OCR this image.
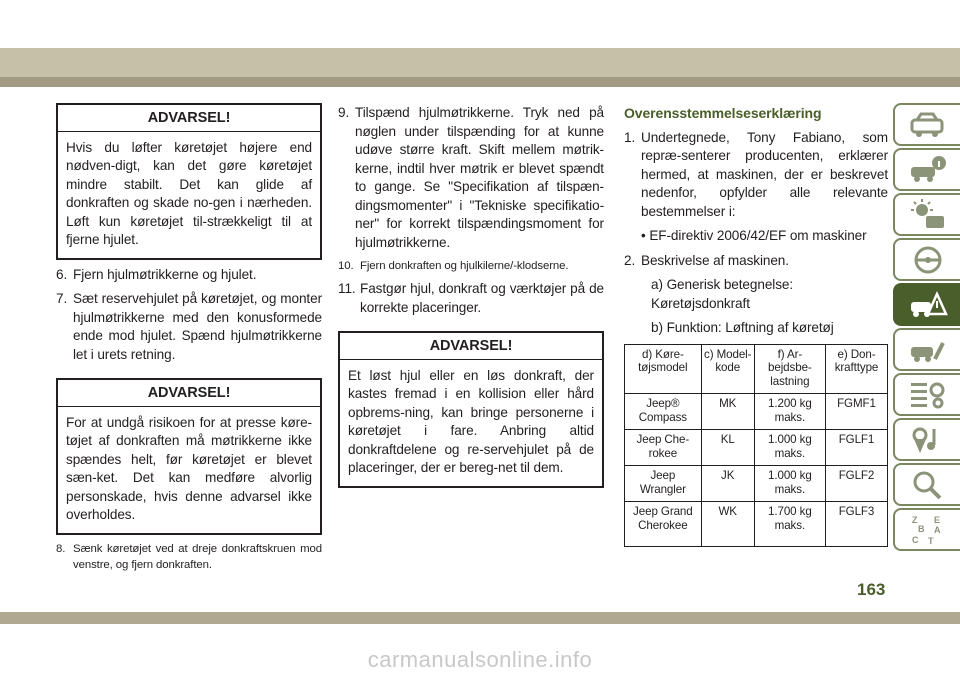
ADVARSEL!
Hvis du løfter køretøjet højere end nødven-digt, kan det gøre køretøjet mindre stabilt. Det kan glide af donkraften og skade no-gen i nærheden. Løft kun køretøjet til-strækkeligt til at fjerne hjulet.
6. Fjern hjulmøtrikkerne og hjulet.
7. Sæt reservehjulet på køretøjet, og monter hjulmøtrikkerne med den konusformede ende mod hjulet. Spænd hjulmøtrikkerne let i urets retning.
ADVARSEL!
For at undgå risikoen for at presse køre-tøjet af donkraften må møtrikkerne ikke spændes helt, før køretøjet er blevet sæn-ket. Det kan medføre alvorlig personskade, hvis denne advarsel ikke overholdes.
8. Sænk køretøjet ved at dreje donkraftskruen mod venstre, og fjern donkraften.
9. Tilspænd hjulmøtrikkerne. Tryk ned på nøglen under tilspænding for at kunne udøve større kraft. Skift mellem møtrik-kerne, indtil hver møtrik er blevet spændt to gange. Se "Specifikation af tilspæn-dingsmomenter" i "Tekniske specifikatio-ner" for korrekt tilspændingsmoment for hjulmøtrikkerne.
10. Fjern donkraften og hjulkilerne/-klodserne.
11. Fastgør hjul, donkraft og værktøjer på de korrekte placeringer.
ADVARSEL!
Et løst hjul eller en løs donkraft, der kastes fremad i en kollision eller hård opbrems-ning, kan bringe personerne i køretøjet i fare. Anbring altid donkraftdelene og re-servehjulet på de placeringer, der er bereg-net til dem.
Overensstemmelseserklæring
1. Undertegnede, Tony Fabiano, som repræ-senterer producenten, erklærer hermed, at maskinen, der er beskrevet nedenfor, opfylder alle relevante bestemmelser i:
• EF-direktiv 2006/42/EF om maskiner
2. Beskrivelse af maskinen.
a) Generisk betegnelse: Køretøjsdonkraft
b) Funktion: Løftning af køretøj
d) Køre-tøjsmodel	c) Model-kode	f) Ar-bejdsbe-lastning	e) Don-krafttype
Jeep® Compass	MK	1.200 kg maks.	FGMF1
Jeep Che-rokee	KL	1.000 kg maks.	FGLF1
Jeep Wrangler	JK	1.000 kg maks.	FGLF2
Jeep Grand Cherokee	WK	1.700 kg maks.	FGLF3
Z E
B A
C T
163
carmanualsonline.info
